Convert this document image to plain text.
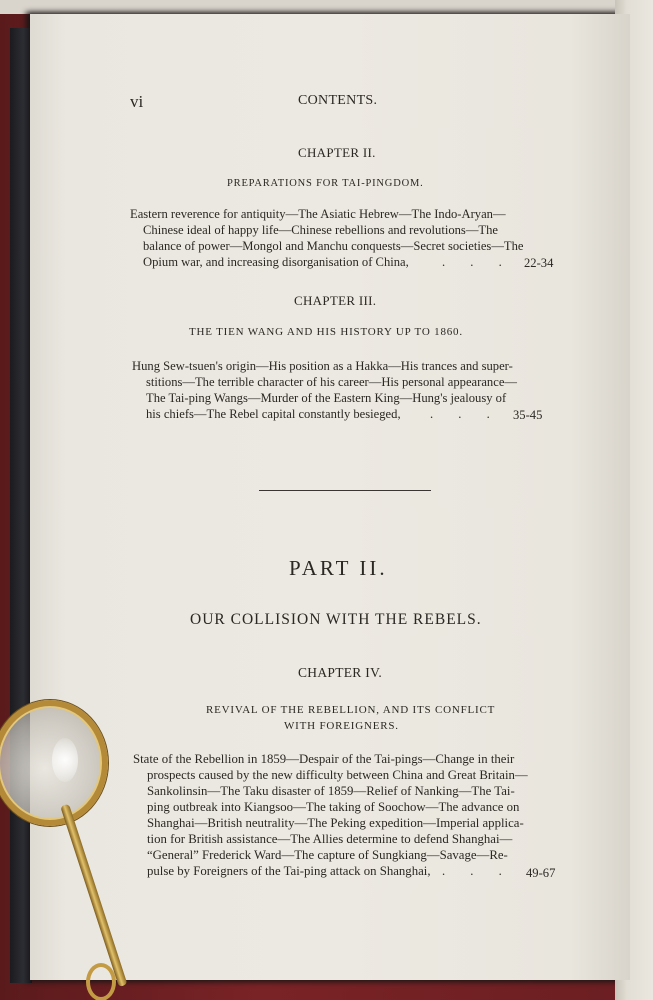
vi	CONTENTS.
CHAPTER II.
PREPARATIONS FOR TAI-PINGDOM.
Eastern reverence for antiquity—The Asiatic Hebrew—The Indo-Aryan—
Chinese ideal of happy life—Chinese rebellions and revolutions—The
balance of power—Mongol and Manchu conquests—Secret societies—The
Opium war, and increasing disorganisation of China,	. . . 22-34
CHAPTER III.
THE TIEN WANG AND HIS HISTORY UP TO 1860.
Hung Sew-tsuen's origin—His position as a Hakka—His trances and super-
stitions—The terrible character of his career—His personal appearance—
The Tai-ping Wangs—Murder of the Eastern King—Hung's jealousy of
his chiefs—The Rebel capital constantly besieged, . . . 35-45
PART II.
OUR COLLISION WITH THE REBELS.
CHAPTER IV.
REVIVAL OF THE REBELLION, AND ITS CONFLICT
WITH FOREIGNERS.
State of the Rebellion in 1859—Despair of the Tai-pings—Change in their
prospects caused by the new difficulty between China and Great Britain—
Sankolinsin—The Taku disaster of 1859—Relief of Nanking—The Tai-
ping outbreak into Kiangsoo—The taking of Soochow—The advance on
Shanghai—British neutrality—The Peking expedition—Imperial applica-
tion for British assistance—The Allies determine to defend Shanghai—
“General” Frederick Ward—The capture of Sungkiang—Savage—Re-
pulse by Foreigners of the Tai-ping attack on Shanghai, . . . 49-67
